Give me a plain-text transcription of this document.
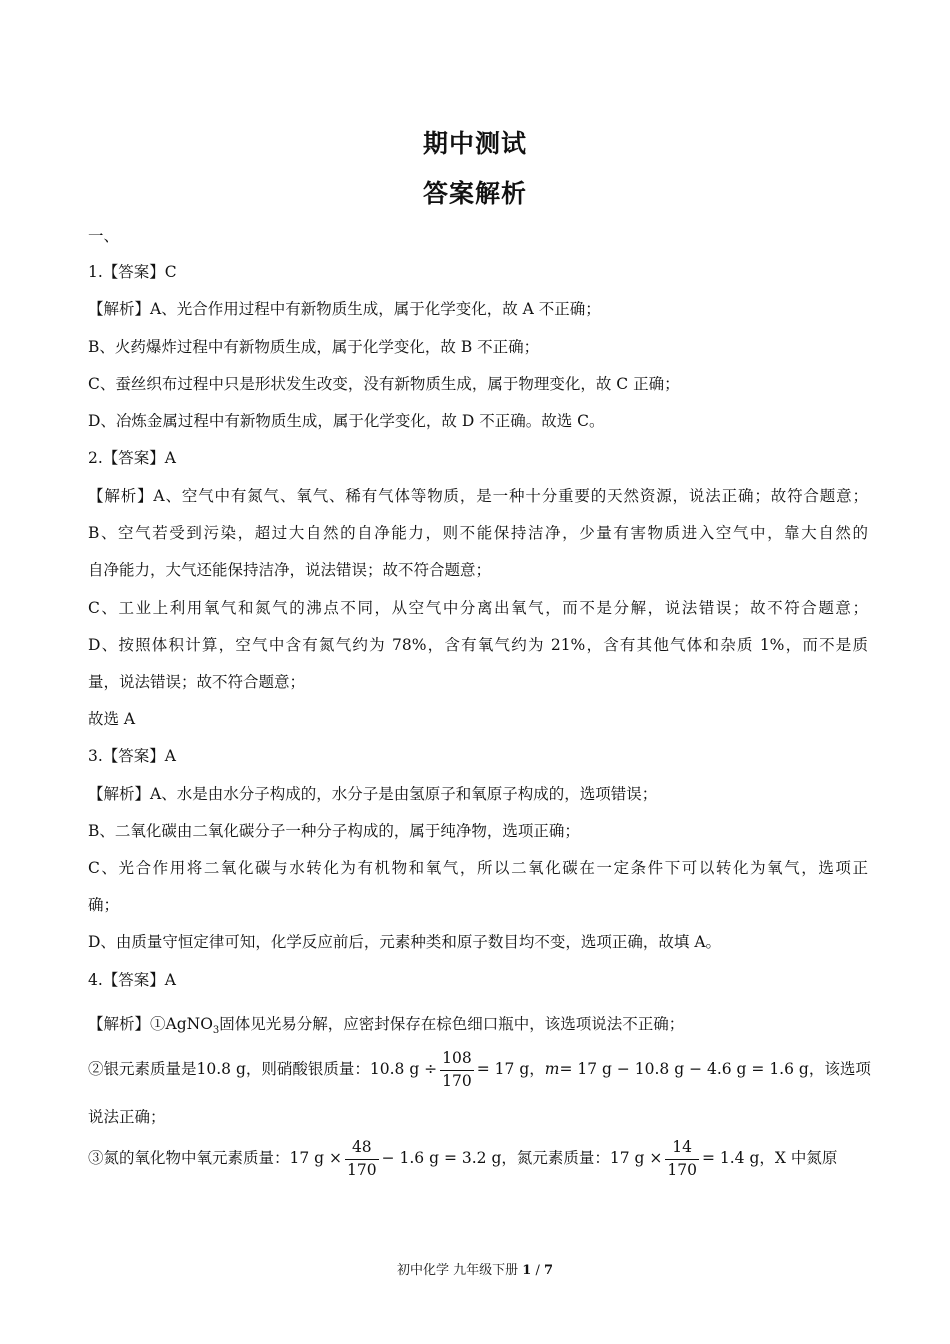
期中测试
答案解析
一、
1.【答案】C
【解析】A、光合作用过程中有新物质生成，属于化学变化，故 A 不正确；
B、火药爆炸过程中有新物质生成，属于化学变化，故 B 不正确；
C、蚕丝织布过程中只是形状发生改变，没有新物质生成，属于物理变化，故 C 正确；
D、冶炼金属过程中有新物质生成，属于化学变化，故 D 不正确。故选 C。
2.【答案】A
【解析】A、空气中有氮气、氧气、稀有气体等物质，是一种十分重要的天然资源，说法正确；故符合题意；
B、空气若受到污染，超过大自然的自净能力，则不能保持洁净，少量有害物质进入空气中，靠大自然的
自净能力，大气还能保持洁净，说法错误；故不符合题意；
C、工业上利用氧气和氮气的沸点不同，从空气中分离出氧气，而不是分解，说法错误；故不符合题意；
D、按照体积计算，空气中含有氮气约为 78%，含有氧气约为 21%，含有其他气体和杂质 1%，而不是质
量，说法错误；故不符合题意；
故选 A
3.【答案】A
【解析】A、水是由水分子构成的，水分子是由氢原子和氧原子构成的，选项错误；
B、二氧化碳由二氧化碳分子一种分子构成的，属于纯净物，选项正确；
C、光合作用将二氧化碳与水转化为有机物和氧气，所以二氧化碳在一定条件下可以转化为氧气，选项正
确；
D、由质量守恒定律可知，化学反应前后，元素种类和原子数目均不变，选项正确，故填 A。
4.【答案】A
【解析】①AgNO$_3$固体见光易分解，应密封保存在棕色细口瓶中，该选项说法不正确；
②银元素质量是10.8 g，则硝酸银质量：10.8 $g \div \frac{108}{170} = 17$ g，m= 17 g − 10.8 g − 4.6 g = 1.6 g，该选项
说法正确；
③氮的氧化物中氧元素质量：17 $g \times \frac{48}{170} - 1.6$ g = 3.2 g，氮元素质量：17 $g \times \frac{14}{170} = 1.4$ g，X 中氮原
初中化学 九年级下册 1 / 7
